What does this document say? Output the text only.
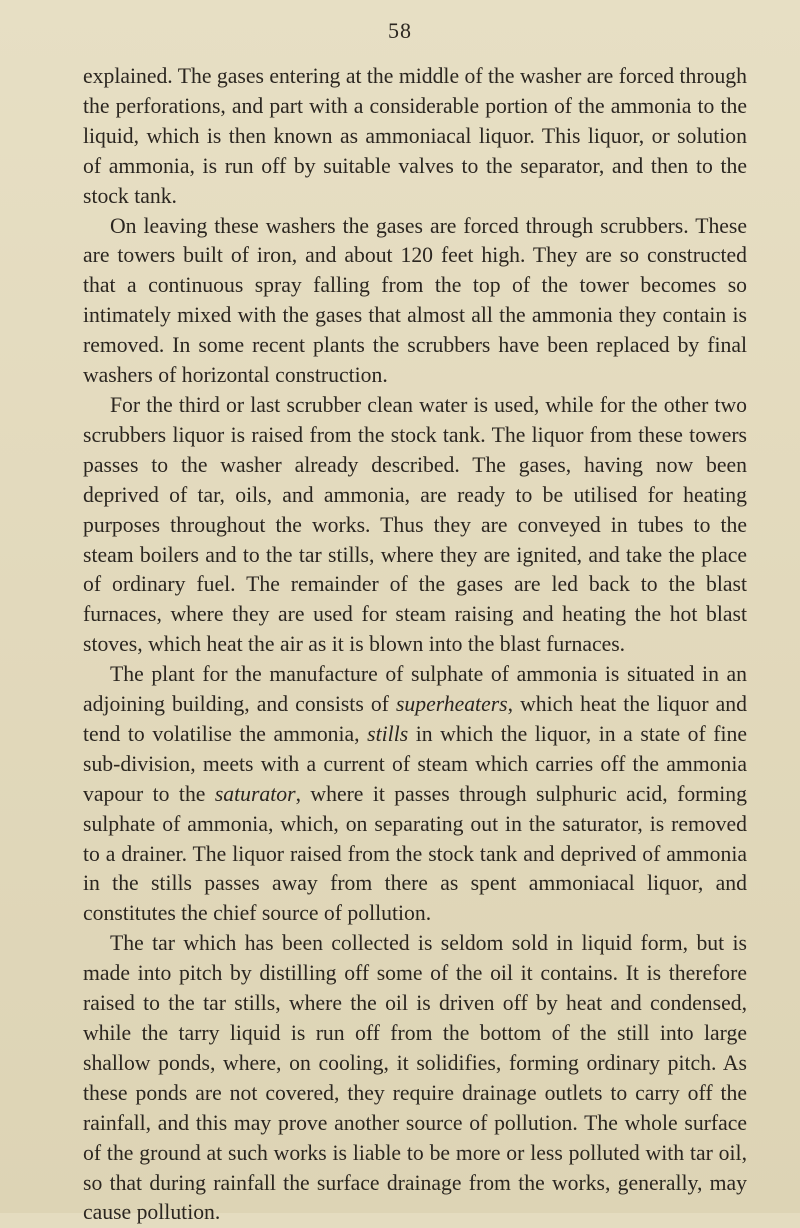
58

explained. The gases entering at the middle of the washer are forced through the perforations, and part with a considerable portion of the ammonia to the liquid, which is then known as ammoniacal liquor. This liquor, or solution of ammonia, is run off by suitable valves to the separator, and then to the stock tank.

On leaving these washers the gases are forced through scrubbers. These are towers built of iron, and about 120 feet high. They are so constructed that a continuous spray falling from the top of the tower becomes so intimately mixed with the gases that almost all the ammonia they contain is removed. In some recent plants the scrubbers have been replaced by final washers of horizontal construction.

For the third or last scrubber clean water is used, while for the other two scrubbers liquor is raised from the stock tank. The liquor from these towers passes to the washer already described. The gases, having now been deprived of tar, oils, and ammonia, are ready to be utilised for heating purposes throughout the works. Thus they are conveyed in tubes to the steam boilers and to the tar stills, where they are ignited, and take the place of ordinary fuel. The remainder of the gases are led back to the blast furnaces, where they are used for steam raising and heating the hot blast stoves, which heat the air as it is blown into the blast furnaces.

The plant for the manufacture of sulphate of ammonia is situated in an adjoining building, and consists of superheaters, which heat the liquor and tend to volatilise the ammonia, stills in which the liquor, in a state of fine sub-division, meets with a current of steam which carries off the ammonia vapour to the saturator, where it passes through sulphuric acid, forming sulphate of ammonia, which, on separating out in the saturator, is removed to a drainer. The liquor raised from the stock tank and deprived of ammonia in the stills passes away from there as spent ammoniacal liquor, and constitutes the chief source of pollution.

The tar which has been collected is seldom sold in liquid form, but is made into pitch by distilling off some of the oil it contains. It is therefore raised to the tar stills, where the oil is driven off by heat and condensed, while the tarry liquid is run off from the bottom of the still into large shallow ponds, where, on cooling, it solidifies, forming ordinary pitch. As these ponds are not covered, they require drainage outlets to carry off the rainfall, and this may prove another source of pollution. The whole surface of the ground at such works is liable to be more or less polluted with tar oil, so that during rainfall the surface drainage from the works, generally, may cause pollution.
